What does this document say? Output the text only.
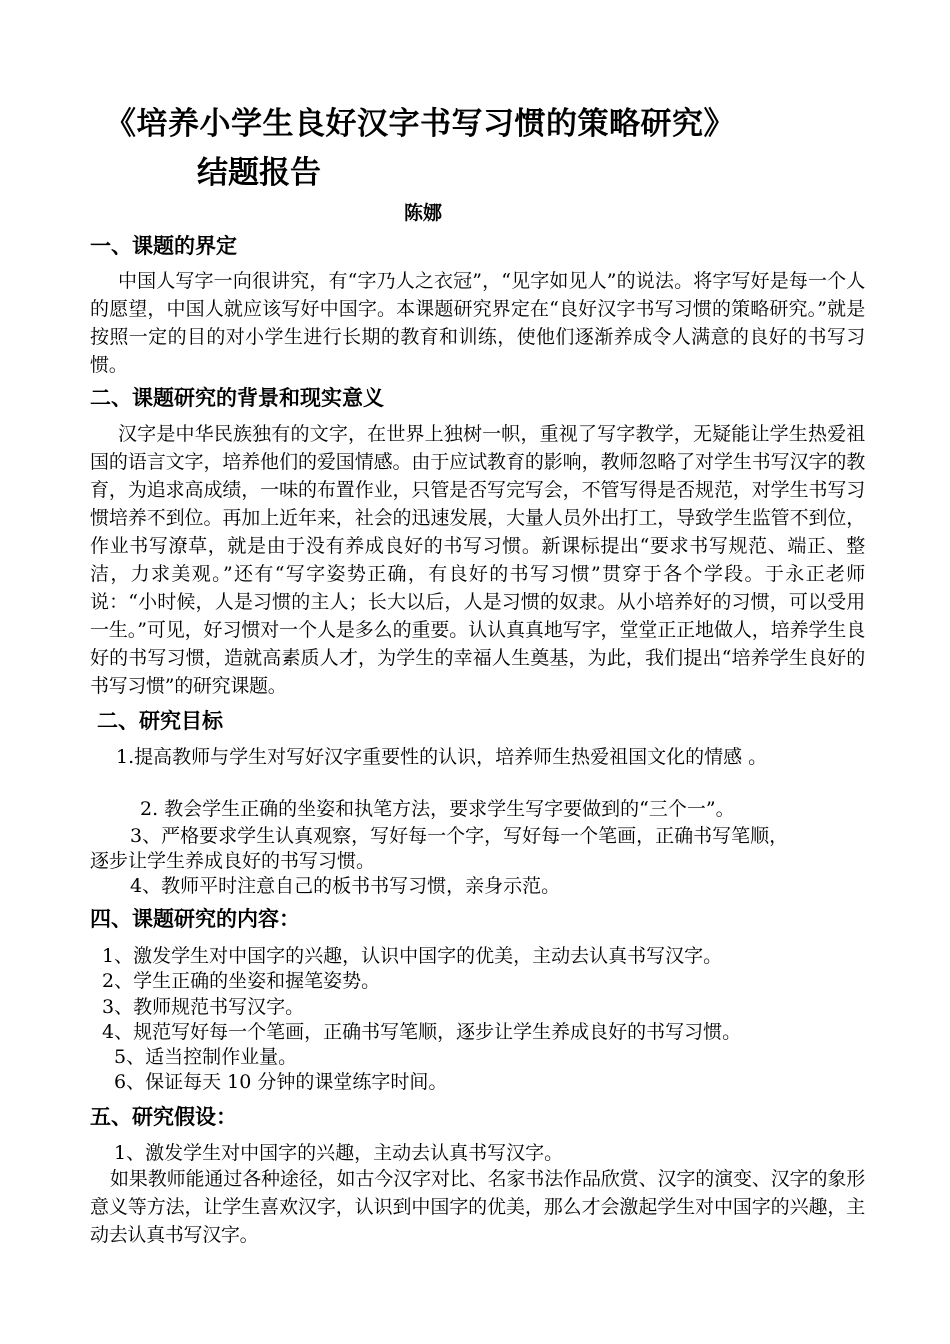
《培养小学生良好汉字书写习惯的策略研究》
结题报告
陈娜
一、课题的界定
中国人写字一向很讲究，有“字乃人之衣冠”，“见字如见人”的说法。将字写好是每一个人的愿望，中国人就应该写好中国字。本课题研究界定在“良好汉字书写习惯的策略研究。”就是按照一定的目的对小学生进行长期的教育和训练，使他们逐渐养成令人满意的良好的书写习惯。
二、课题研究的背景和现实意义
汉字是中华民族独有的文字，在世界上独树一帜，重视了写字教学，无疑能让学生热爱祖国的语言文字，培养他们的爱国情感。由于应试教育的影响，教师忽略了对学生书写汉字的教育，为追求高成绩，一味的布置作业，只管是否写完写会，不管写得是否规范，对学生书写习惯培养不到位。再加上近年来，社会的迅速发展，大量人员外出打工，导致学生监管不到位，作业书写潦草，就是由于没有养成良好的书写习惯。新课标提出“要求书写规范、端正、整洁，力求美观。”还有“写字姿势正确，有良好的书写习惯”贯穿于各个学段。于永正老师说：“小时候，人是习惯的主人；长大以后，人是习惯的奴隶。从小培养好的习惯，可以受用一生。”可见，好习惯对一个人是多么的重要。认认真真地写字，堂堂正正地做人，培养学生良好的书写习惯，造就高素质人才，为学生的幸福人生奠基，为此，我们提出“培养学生良好的书写习惯”的研究课题。
二、研究目标
1.提高教师与学生对写好汉字重要性的认识，培养师生热爱祖国文化的情感 。
2. 教会学生正确的坐姿和执笔方法，要求学生写字要做到的“三个一”。
3、严格要求学生认真观察，写好每一个字，写好每一个笔画，正确书写笔顺，
逐步让学生养成良好的书写习惯。
4、教师平时注意自己的板书书写习惯，亲身示范。
四、课题研究的内容：
1、激发学生对中国字的兴趣，认识中国字的优美，主动去认真书写汉字。
2、学生正确的坐姿和握笔姿势。
3、教师规范书写汉字。
4、规范写好每一个笔画，正确书写笔顺，逐步让学生养成良好的书写习惯。
5、适当控制作业量。
6、保证每天 10 分钟的课堂练字时间。
五、研究假设：
1、激发学生对中国字的兴趣，主动去认真书写汉字。
如果教师能通过各种途径，如古今汉字对比、名家书法作品欣赏、汉字的演变、汉字的象形意义等方法，让学生喜欢汉字，认识到中国字的优美，那么才会激起学生对中国字的兴趣，主动去认真书写汉字。
